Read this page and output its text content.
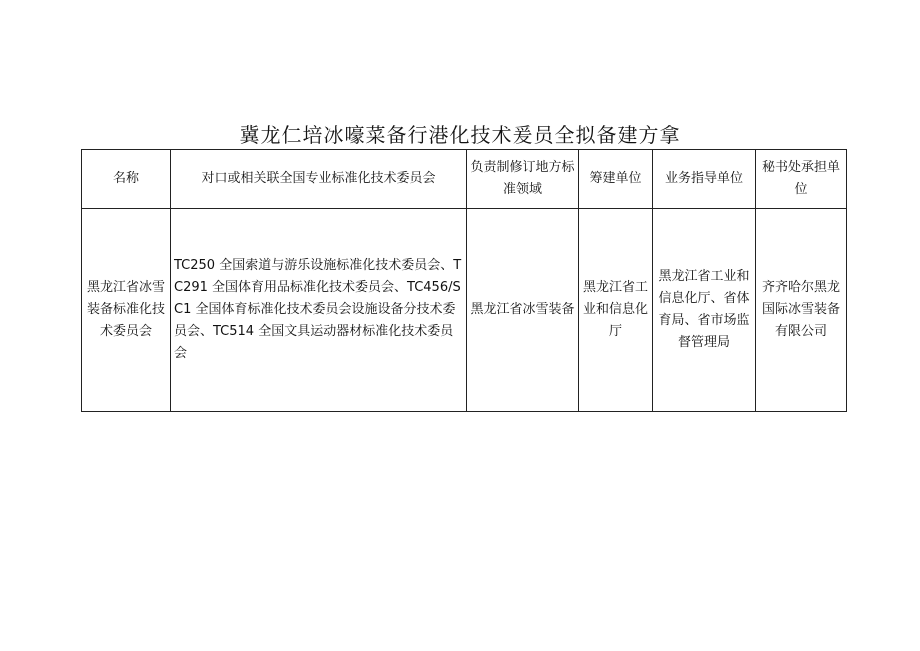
冀龙仁培冰嚎菜备行港化技术爰员全拟备建方拿
名称	对口或相关联全国专业标准化技术委员会	负责制修订地方标准领域	筹建单位	业务指导单位	秘书处承担单位
黑龙江省冰雪装备标准化技术委员会	TC250 全国索道与游乐设施标准化技术委员会、TC291 全国体育用品标准化技术委员会、TC456/SC1 全国体育标准化技术委员会设施设备分技术委员会、TC514 全国文具运动器材标准化技术委员会	黑龙江省冰雪装备	黑龙江省工业和信息化厅	黑龙江省工业和信息化厅、省体育局、省市场监督管理局	齐齐哈尔黑龙国际冰雪装备有限公司
